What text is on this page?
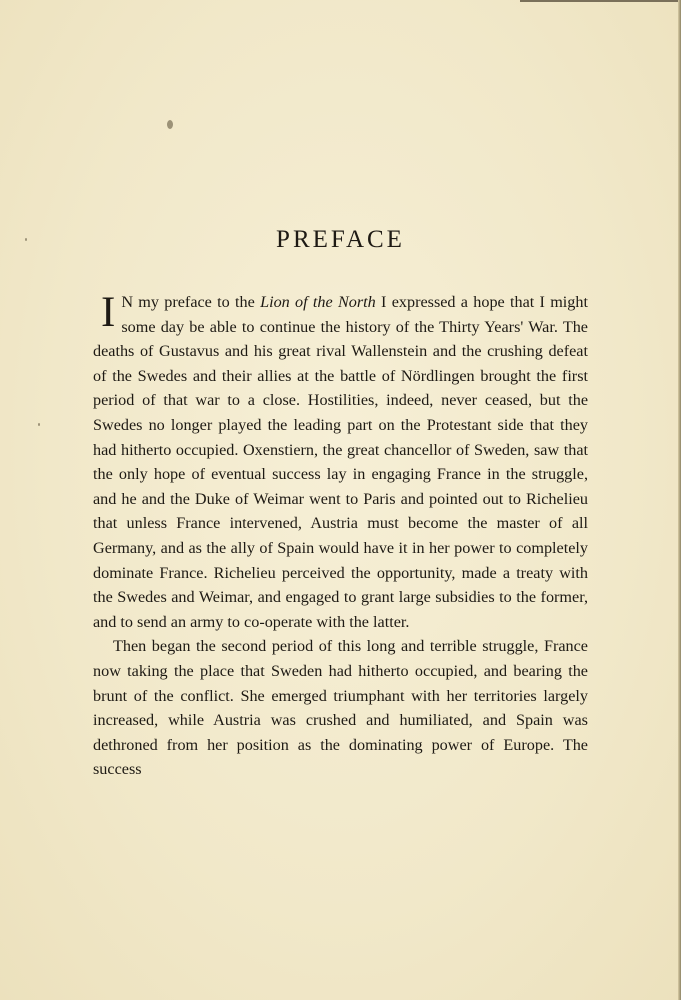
PREFACE

I N my preface to the Lion of the North I expressed a hope that I might some day be able to continue the history of the Thirty Years' War. The deaths of Gustavus and his great rival Wallenstein and the crushing defeat of the Swedes and their allies at the battle of Nördlingen brought the first period of that war to a close. Hostilities, indeed, never ceased, but the Swedes no longer played the leading part on the Protestant side that they had hitherto occupied. Oxenstiern, the great chancellor of Sweden, saw that the only hope of eventual success lay in engaging France in the struggle, and he and the Duke of Weimar went to Paris and pointed out to Richelieu that unless France intervened, Austria must become the master of all Germany, and as the ally of Spain would have it in her power to completely dominate France. Richelieu perceived the opportunity, made a treaty with the Swedes and Weimar, and engaged to grant large subsidies to the former, and to send an army to co-operate with the latter.

Then began the second period of this long and terrible struggle, France now taking the place that Sweden had hitherto occupied, and bearing the brunt of the conflict. She emerged triumphant with her territories largely increased, while Austria was crushed and humiliated, and Spain was dethroned from her position as the dominating power of Europe. The success
